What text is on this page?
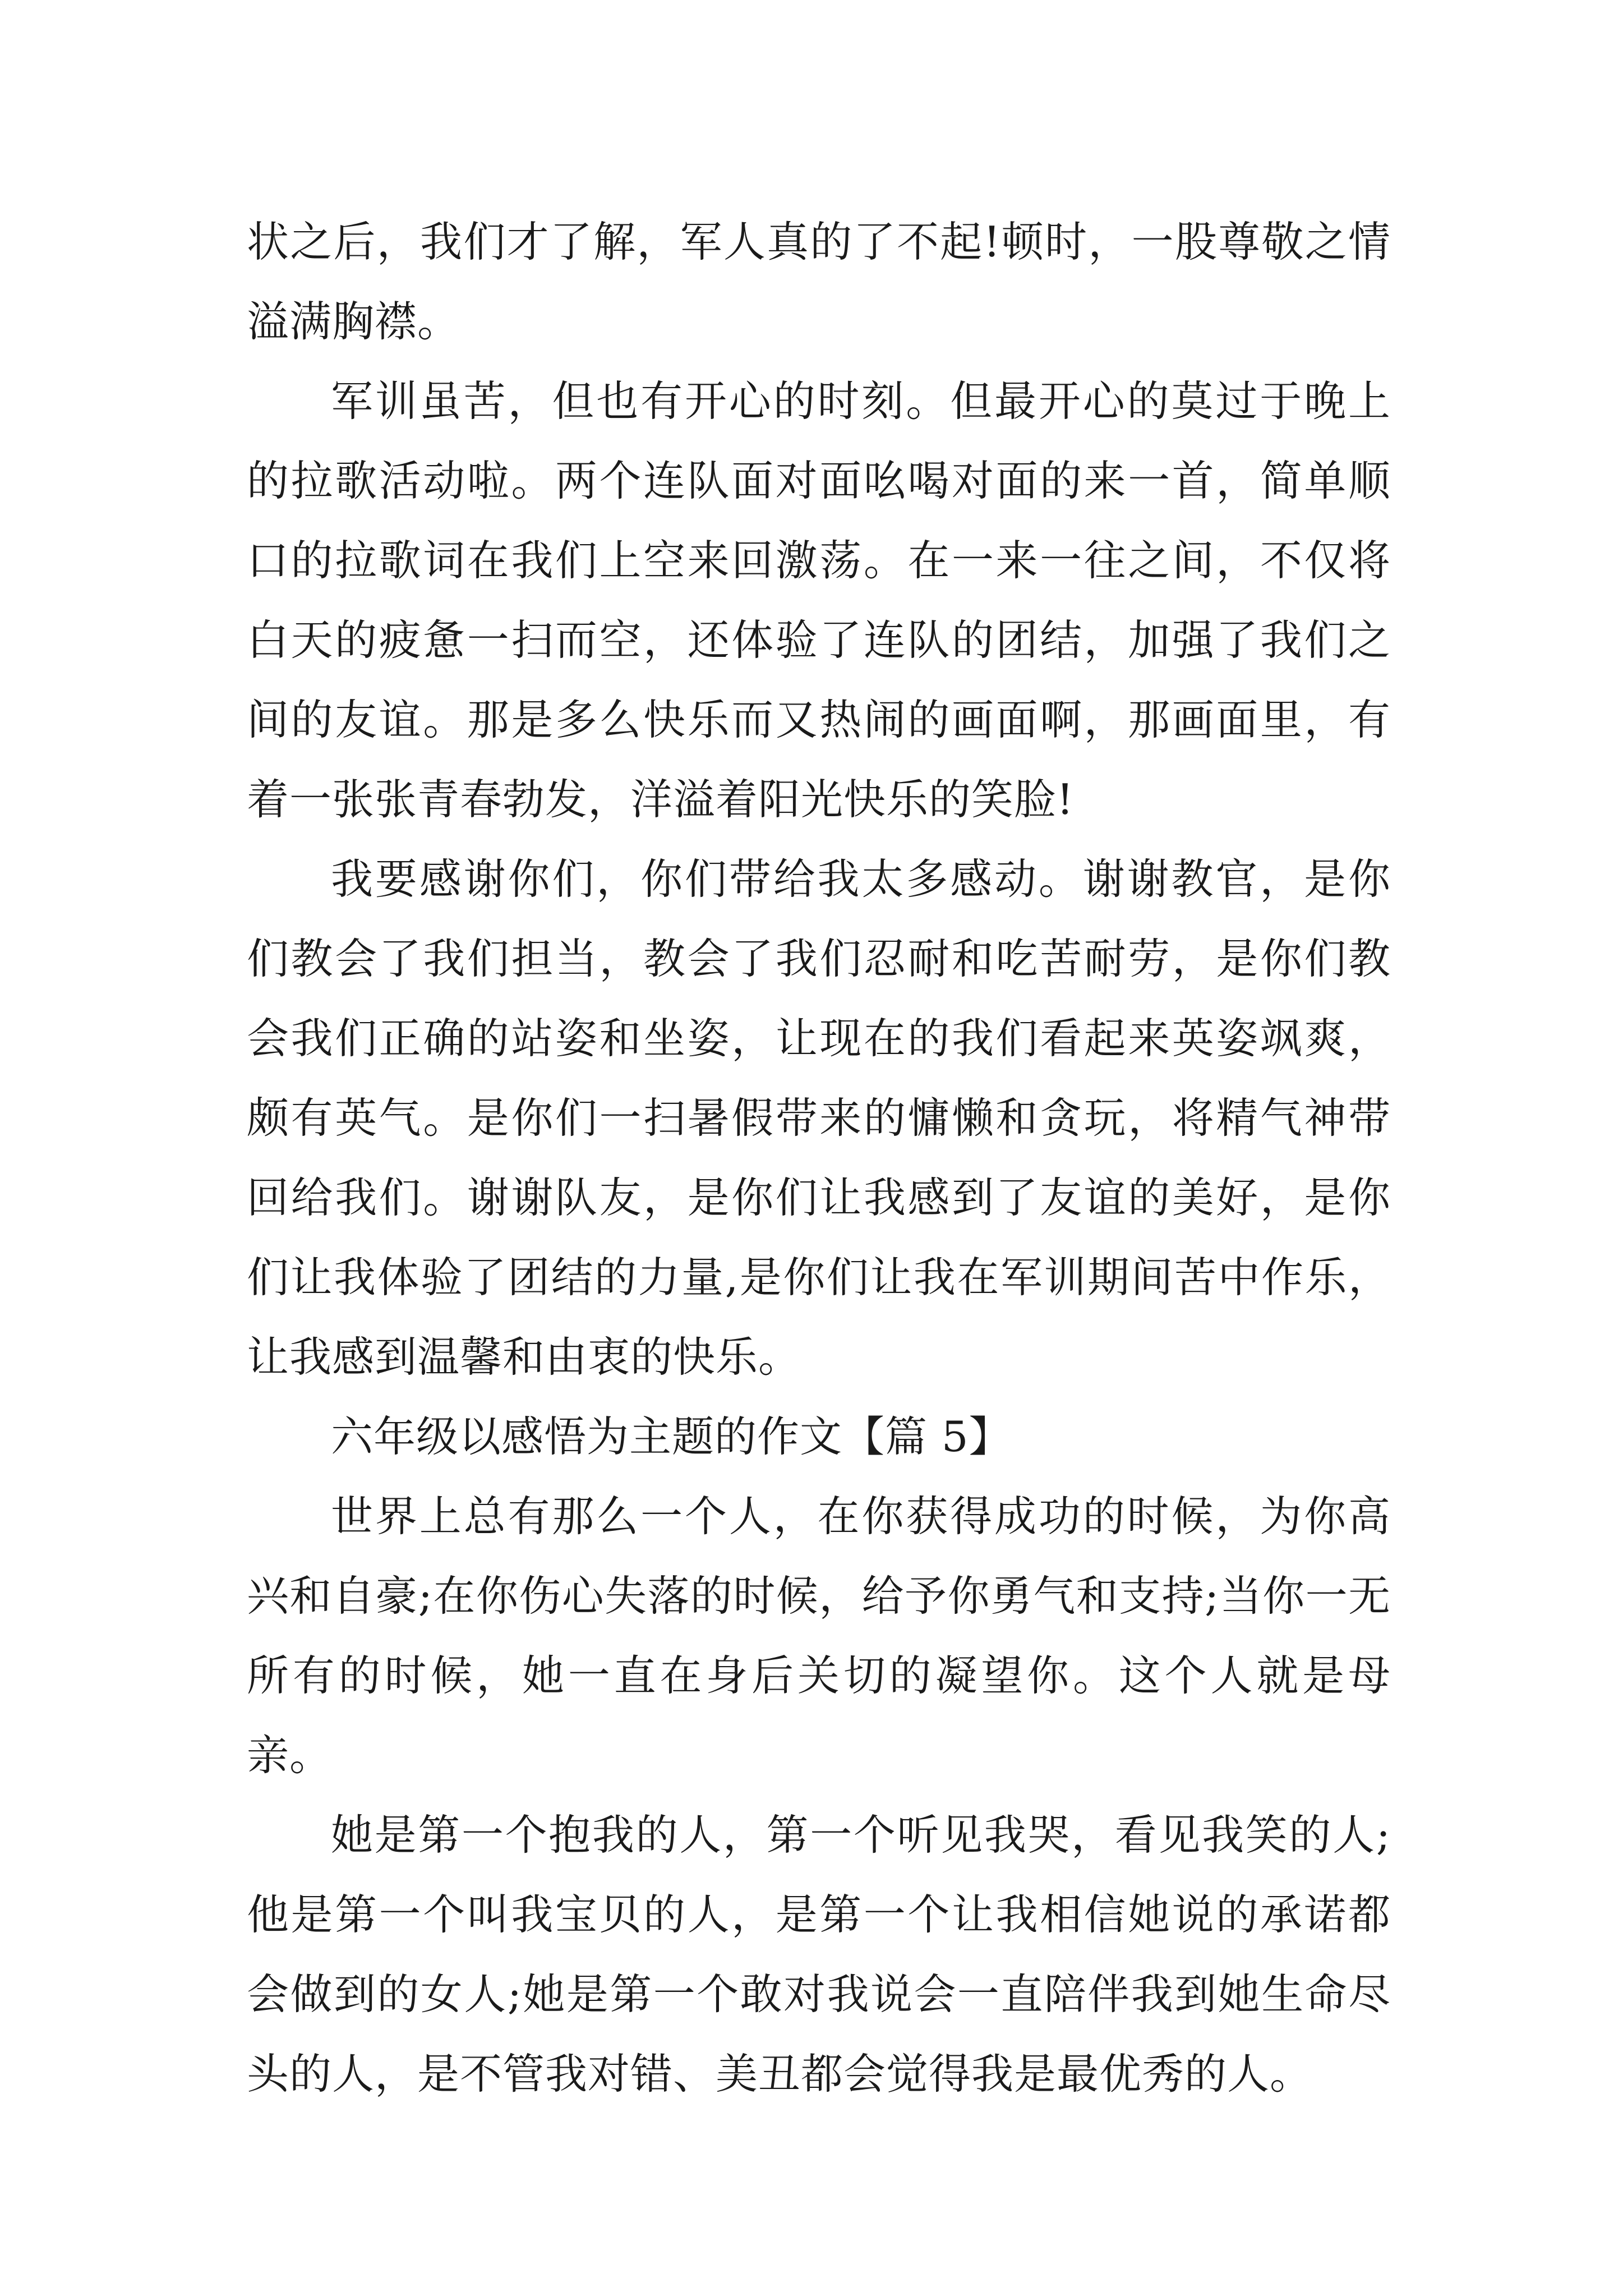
状之后，我们才了解，军人真的了不起!顿时，一股尊敬之情溢满胸襟。

军训虽苦，但也有开心的时刻。但最开心的莫过于晚上的拉歌活动啦。两个连队面对面吆喝对面的来一首，简单顺口的拉歌词在我们上空来回激荡。在一来一往之间，不仅将白天的疲惫一扫而空，还体验了连队的团结，加强了我们之间的友谊。那是多么快乐而又热闹的画面啊，那画面里，有着一张张青春勃发，洋溢着阳光快乐的笑脸!

我要感谢你们，你们带给我太多感动。谢谢教官，是你们教会了我们担当，教会了我们忍耐和吃苦耐劳，是你们教会我们正确的站姿和坐姿，让现在的我们看起来英姿飒爽，颇有英气。是你们一扫暑假带来的慵懒和贪玩，将精气神带回给我们。谢谢队友，是你们让我感到了友谊的美好，是你们让我体验了团结的力量,是你们让我在军训期间苦中作乐，让我感到温馨和由衷的快乐。

六年级以感悟为主题的作文【篇 5】

世界上总有那么一个人，在你获得成功的时候，为你高兴和自豪;在你伤心失落的时候，给予你勇气和支持;当你一无所有的时候，她一直在身后关切的凝望你。这个人就是母亲。

她是第一个抱我的人，第一个听见我哭，看见我笑的人;他是第一个叫我宝贝的人，是第一个让我相信她说的承诺都会做到的女人;她是第一个敢对我说会一直陪伴我到她生命尽头的人，是不管我对错、美丑都会觉得我是最优秀的人。
